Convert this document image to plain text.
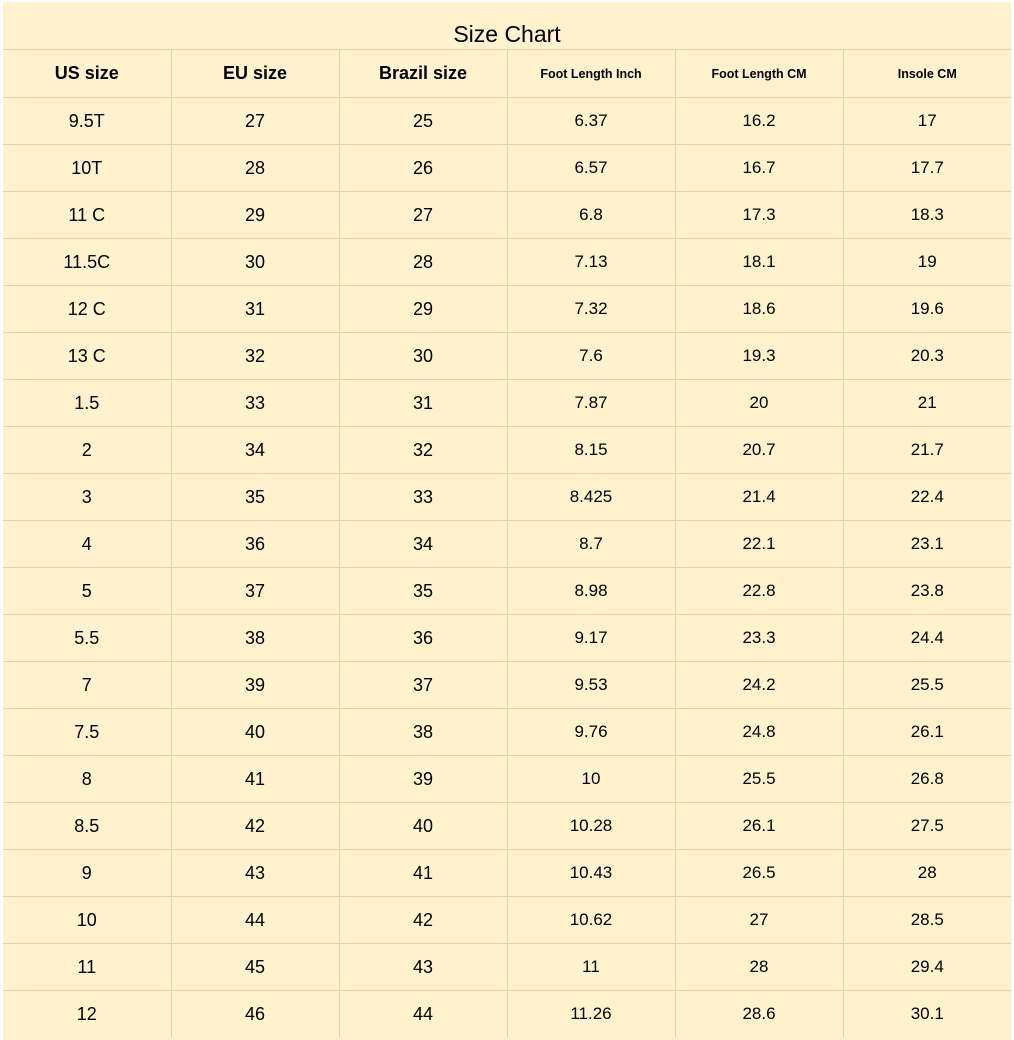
Size Chart
US size	EU size	Brazil size	Foot Length Inch	Foot Length CM	Insole CM
9.5T	27	25	6.37	16.2	17
10T	28	26	6.57	16.7	17.7
11 C	29	27	6.8	17.3	18.3
11.5C	30	28	7.13	18.1	19
12 C	31	29	7.32	18.6	19.6
13 C	32	30	7.6	19.3	20.3
1.5	33	31	7.87	20	21
2	34	32	8.15	20.7	21.7
3	35	33	8.425	21.4	22.4
4	36	34	8.7	22.1	23.1
5	37	35	8.98	22.8	23.8
5.5	38	36	9.17	23.3	24.4
7	39	37	9.53	24.2	25.5
7.5	40	38	9.76	24.8	26.1
8	41	39	10	25.5	26.8
8.5	42	40	10.28	26.1	27.5
9	43	41	10.43	26.5	28
10	44	42	10.62	27	28.5
11	45	43	11	28	29.4
12	46	44	11.26	28.6	30.1
